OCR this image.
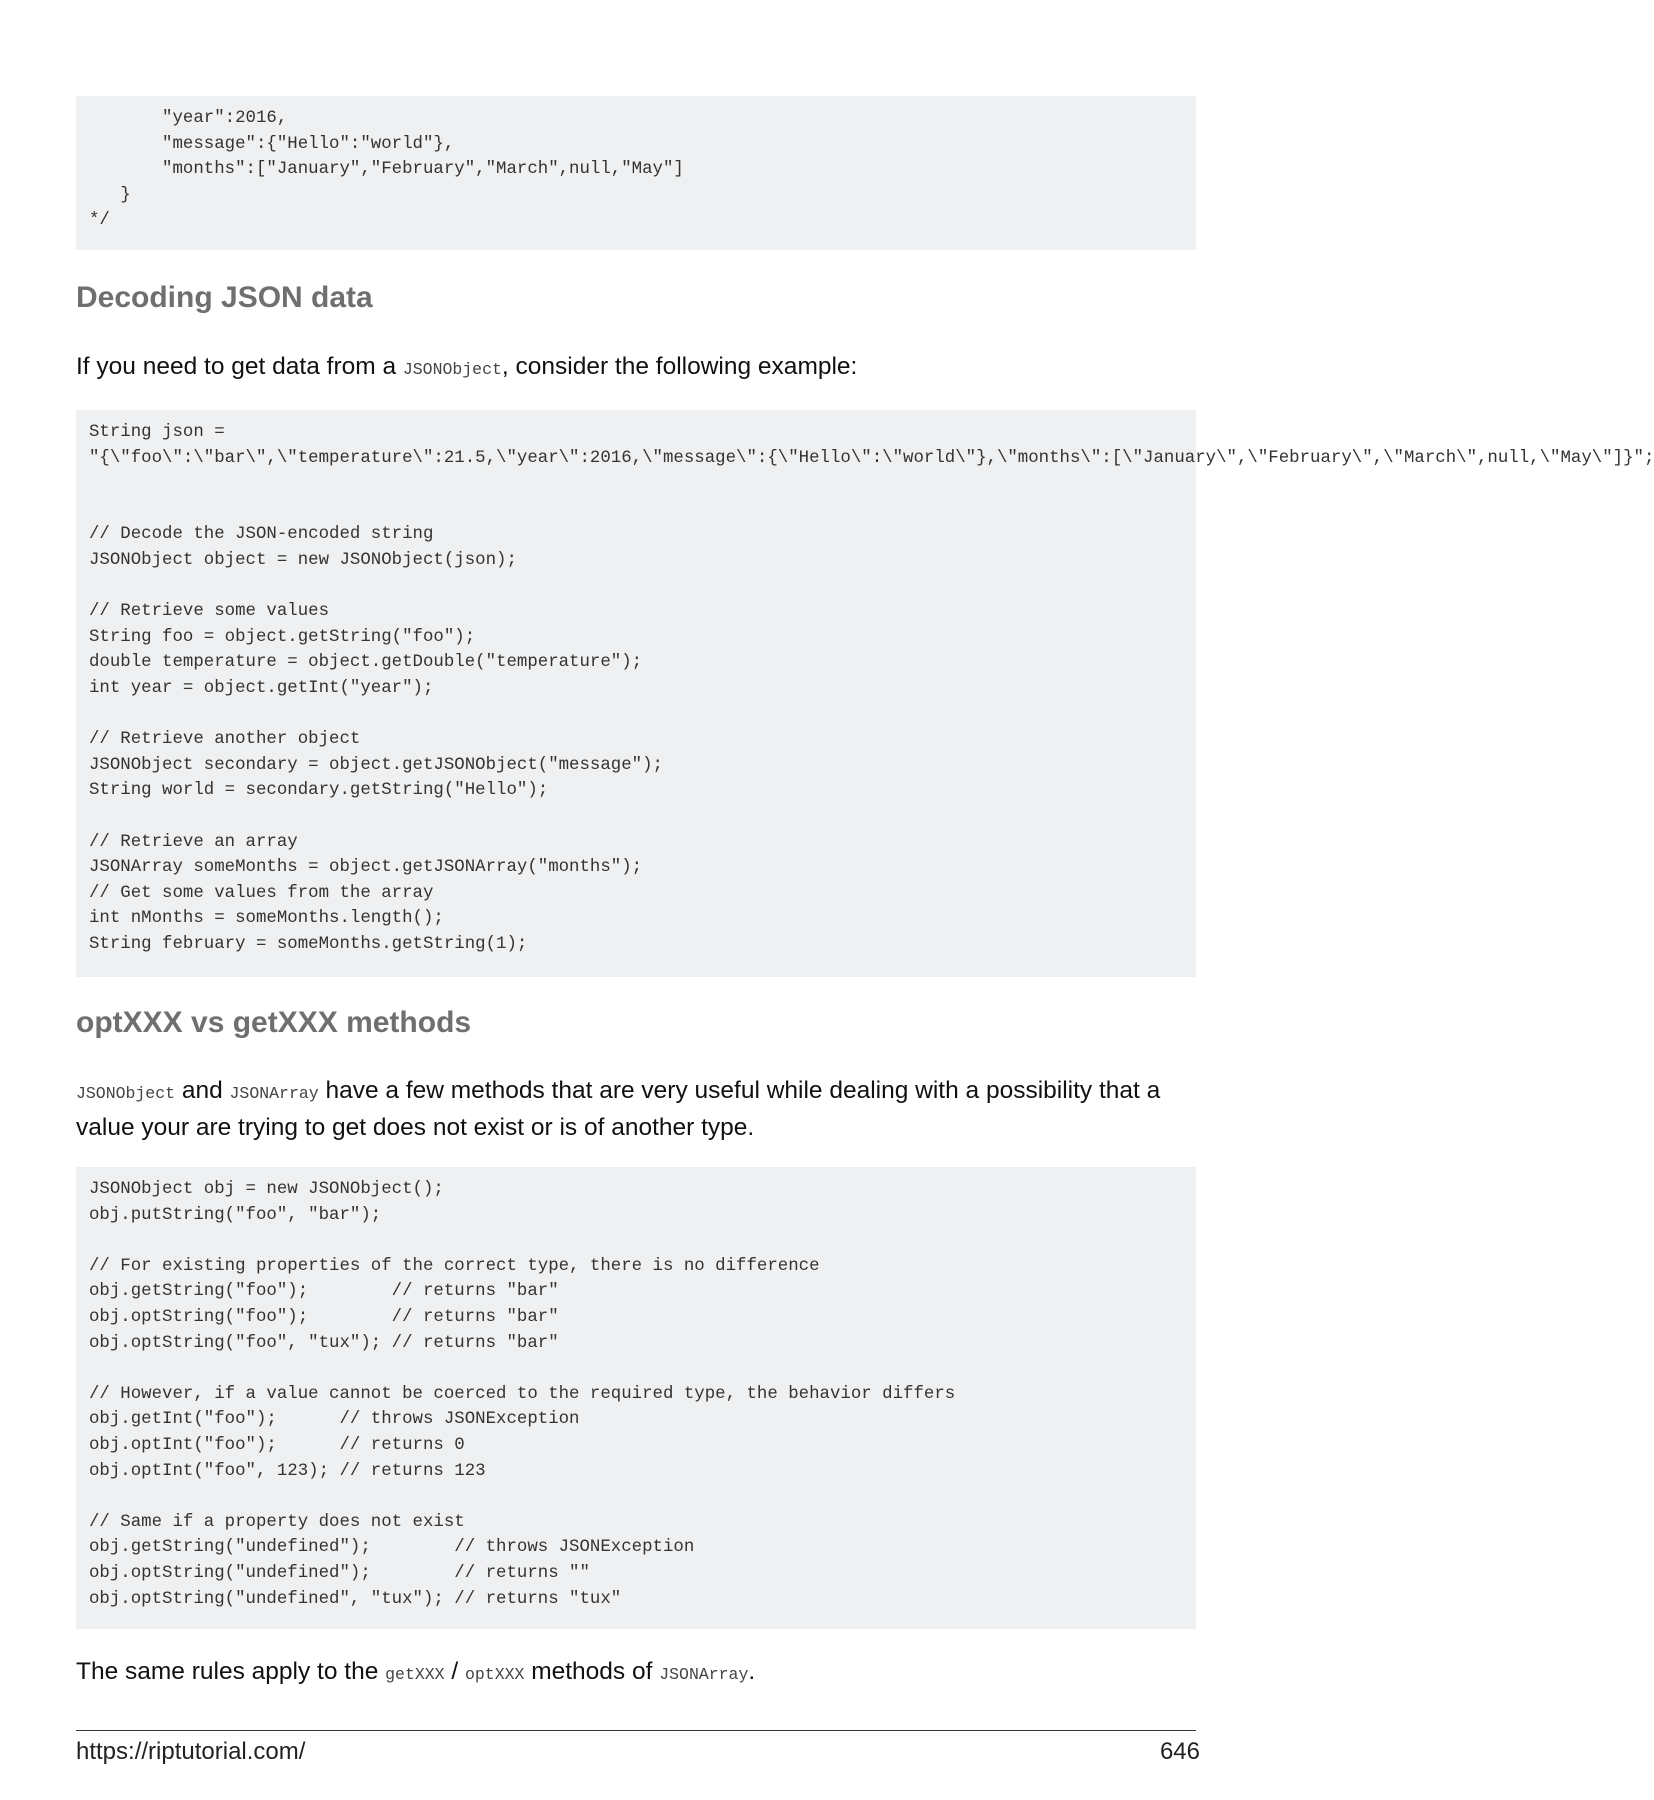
"year":2016,
"message":{"Hello":"world"},
"months":["January","February","March",null,"May"]
}
*/
Decoding JSON data

If you need to get data from a JSONObject, consider the following example:

String json =
"{\"foo\":\"bar\",\"temperature\":21.5,\"year\":2016,\"message\":{\"Hello\":\"world\"},\"months\":[\"January\",\"February\",\"March\",null,\"May\"]}";
// Decode the JSON-encoded string
JSONObject object = new JSONObject(json);
// Retrieve some values
String foo = object.getString("foo");
double temperature = object.getDouble("temperature");
int year = object.getInt("year");
// Retrieve another object
JSONObject secondary = object.getJSONObject("message");
String world = secondary.getString("Hello");
// Retrieve an array
JSONArray someMonths = object.getJSONArray("months");
// Get some values from the array
int nMonths = someMonths.length();
String february = someMonths.getString(1);
optXXX vs getXXX methods

JSONObject and JSONArray have a few methods that are very useful while dealing with a possibility that a value your are trying to get does not exist or is of another type.

JSONObject obj = new JSONObject();
obj.putString("foo", "bar");
// For existing properties of the correct type, there is no difference
obj.getString("foo");        // returns "bar"
obj.optString("foo");        // returns "bar"
obj.optString("foo", "tux"); // returns "bar"
// However, if a value cannot be coerced to the required type, the behavior differs
obj.getInt("foo");      // throws JSONException
obj.optInt("foo");      // returns 0
obj.optInt("foo", 123); // returns 123
// Same if a property does not exist
obj.getString("undefined");        // throws JSONException
obj.optString("undefined");        // returns ""
obj.optString("undefined", "tux"); // returns "tux"

The same rules apply to the getXXX / optXXX methods of JSONArray.

https://riptutorial.com/	646
